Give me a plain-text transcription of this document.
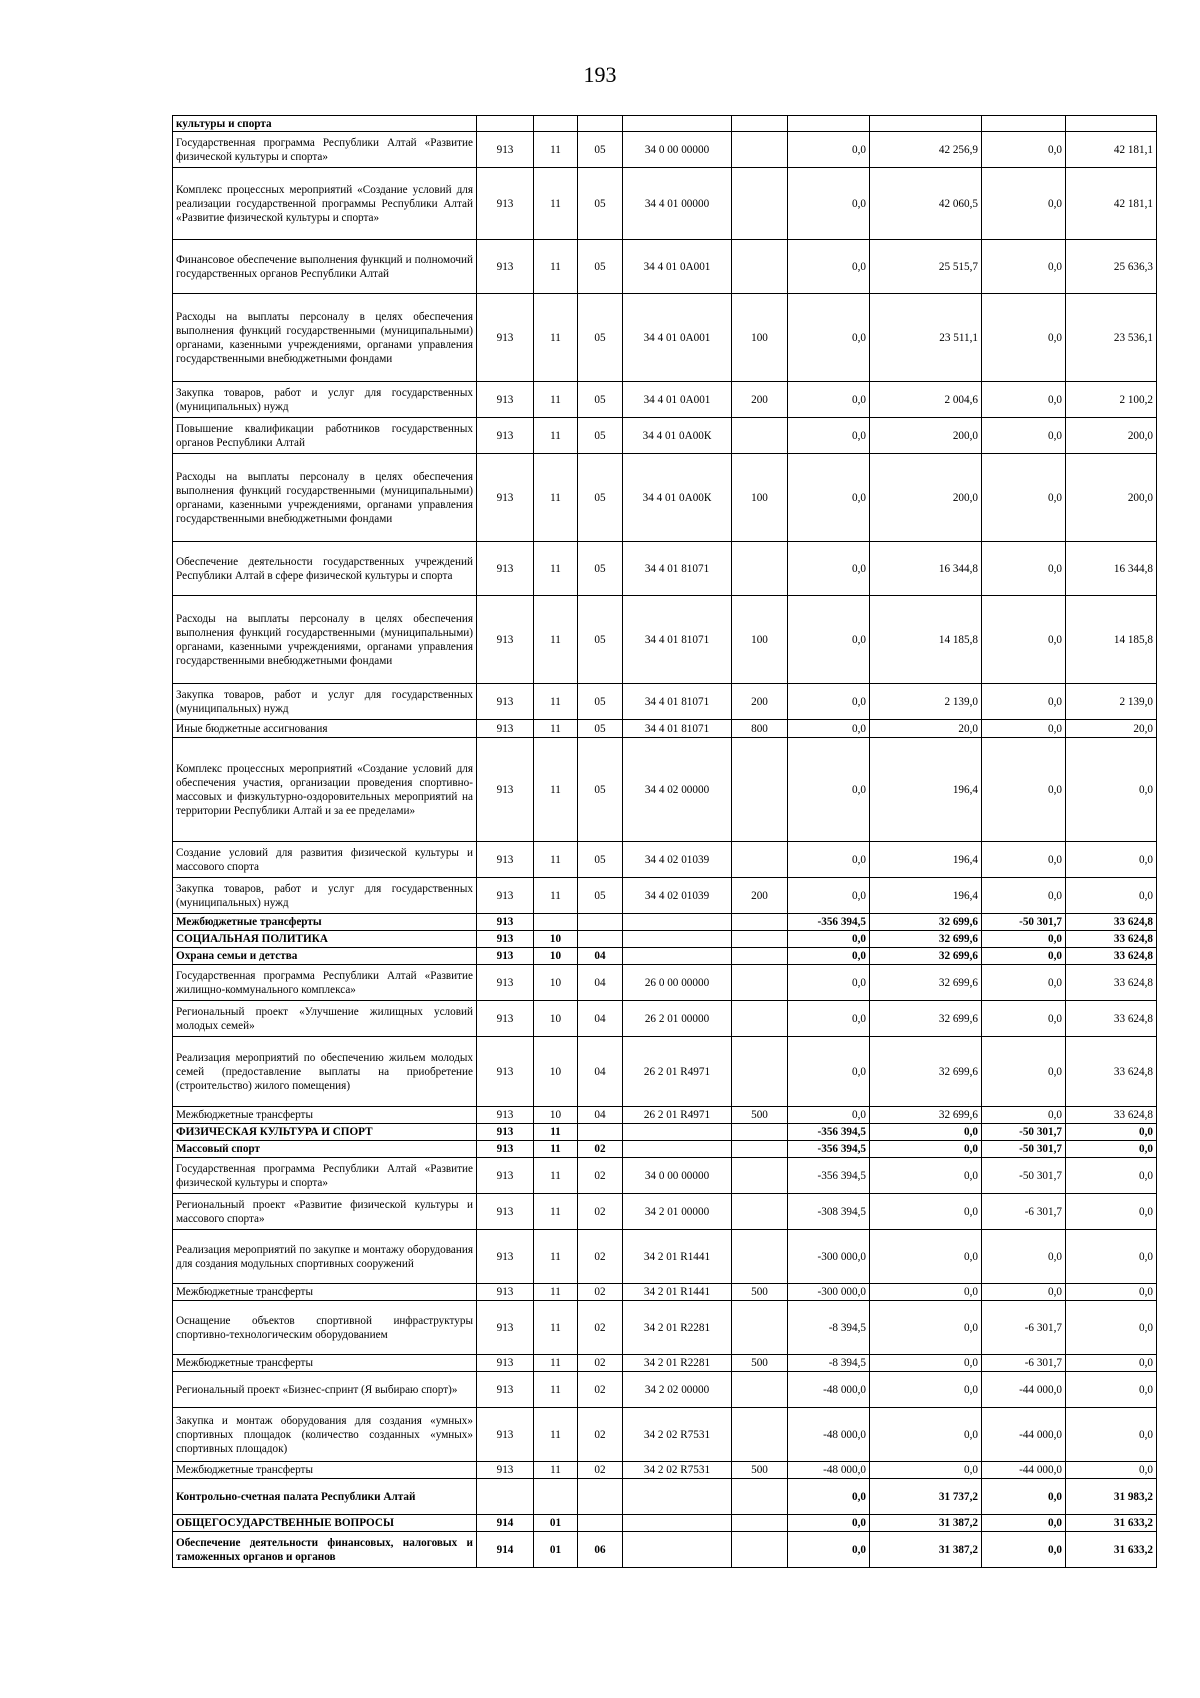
193
культуры и спорта									
Государственная программа Республики Алтай «Развитие физической культуры и спорта»	913	11	05	34 0 00 00000		0,0	42 256,9	0,0	42 181,1
Комплекс процессных мероприятий «Создание условий для реализации государственной программы Республики Алтай «Развитие физической культуры и спорта»	913	11	05	34 4 01 00000		0,0	42 060,5	0,0	42 181,1
Финансовое обеспечение выполнения функций и полномочий государственных органов Республики Алтай	913	11	05	34 4 01 0А001		0,0	25 515,7	0,0	25 636,3
Расходы на выплаты персоналу в целях обеспечения выполнения функций государственными (муниципальными) органами, казенными учреждениями, органами управления государственными внебюджетными фондами	913	11	05	34 4 01 0А001	100	0,0	23 511,1	0,0	23 536,1
Закупка товаров, работ и услуг для государственных (муниципальных) нужд	913	11	05	34 4 01 0А001	200	0,0	2 004,6	0,0	2 100,2
Повышение квалификации работников государственных органов Республики Алтай	913	11	05	34 4 01 0А00К		0,0	200,0	0,0	200,0
Расходы на выплаты персоналу в целях обеспечения выполнения функций государственными (муниципальными) органами, казенными учреждениями, органами управления государственными внебюджетными фондами	913	11	05	34 4 01 0А00К	100	0,0	200,0	0,0	200,0
Обеспечение деятельности государственных учреждений Республики Алтай в сфере физической культуры и спорта	913	11	05	34 4 01 81071		0,0	16 344,8	0,0	16 344,8
Расходы на выплаты персоналу в целях обеспечения выполнения функций государственными (муниципальными) органами, казенными учреждениями, органами управления государственными внебюджетными фондами	913	11	05	34 4 01 81071	100	0,0	14 185,8	0,0	14 185,8
Закупка товаров, работ и услуг для государственных (муниципальных) нужд	913	11	05	34 4 01 81071	200	0,0	2 139,0	0,0	2 139,0
Иные бюджетные ассигнования	913	11	05	34 4 01 81071	800	0,0	20,0	0,0	20,0
Комплекс процессных мероприятий «Создание условий для обеспечения участия, организации проведения спортивно-массовых и физкультурно-оздоровительных мероприятий на территории Республики Алтай и за ее пределами»	913	11	05	34 4 02 00000		0,0	196,4	0,0	0,0
Создание условий для развития физической культуры и массового спорта	913	11	05	34 4 02 01039		0,0	196,4	0,0	0,0
Закупка товаров, работ и услуг для государственных (муниципальных) нужд	913	11	05	34 4 02 01039	200	0,0	196,4	0,0	0,0
Межбюджетные трансферты	913					-356 394,5	32 699,6	-50 301,7	33 624,8
СОЦИАЛЬНАЯ ПОЛИТИКА	913	10				0,0	32 699,6	0,0	33 624,8
Охрана семьи и детства	913	10	04			0,0	32 699,6	0,0	33 624,8
Государственная программа Республики Алтай «Развитие жилищно-коммунального комплекса»	913	10	04	26 0 00 00000		0,0	32 699,6	0,0	33 624,8
Региональный проект «Улучшение жилищных условий молодых семей»	913	10	04	26 2 01 00000		0,0	32 699,6	0,0	33 624,8
Реализация мероприятий по обеспечению жильем молодых семей (предоставление выплаты на приобретение (строительство) жилого помещения)	913	10	04	26 2 01 R4971		0,0	32 699,6	0,0	33 624,8
Межбюджетные трансферты	913	10	04	26 2 01 R4971	500	0,0	32 699,6	0,0	33 624,8
ФИЗИЧЕСКАЯ КУЛЬТУРА И СПОРТ	913	11				-356 394,5	0,0	-50 301,7	0,0
Массовый спорт	913	11	02			-356 394,5	0,0	-50 301,7	0,0
Государственная программа Республики Алтай «Развитие физической культуры и спорта»	913	11	02	34 0 00 00000		-356 394,5	0,0	-50 301,7	0,0
Региональный проект «Развитие физической культуры и массового спорта»	913	11	02	34 2 01 00000		-308 394,5	0,0	-6 301,7	0,0
Реализация мероприятий по закупке и монтажу оборудования для создания модульных спортивных сооружений	913	11	02	34 2 01 R1441		-300 000,0	0,0	0,0	0,0
Межбюджетные трансферты	913	11	02	34 2 01 R1441	500	-300 000,0	0,0	0,0	0,0
Оснащение объектов спортивной инфраструктуры спортивно-технологическим оборудованием	913	11	02	34 2 01 R2281		-8 394,5	0,0	-6 301,7	0,0
Межбюджетные трансферты	913	11	02	34 2 01 R2281	500	-8 394,5	0,0	-6 301,7	0,0
Региональный проект «Бизнес-спринт (Я выбираю спорт)»	913	11	02	34 2 02 00000		-48 000,0	0,0	-44 000,0	0,0
Закупка и монтаж оборудования для создания «умных» спортивных площадок (количество созданных «умных» спортивных площадок)	913	11	02	34 2 02 R7531		-48 000,0	0,0	-44 000,0	0,0
Межбюджетные трансферты	913	11	02	34 2 02 R7531	500	-48 000,0	0,0	-44 000,0	0,0
Контрольно-счетная палата Республики Алтай						0,0	31 737,2	0,0	31 983,2
ОБЩЕГОСУДАРСТВЕННЫЕ ВОПРОСЫ	914	01				0,0	31 387,2	0,0	31 633,2
Обеспечение деятельности финансовых, налоговых и таможенных органов и органов	914	01	06			0,0	31 387,2	0,0	31 633,2
